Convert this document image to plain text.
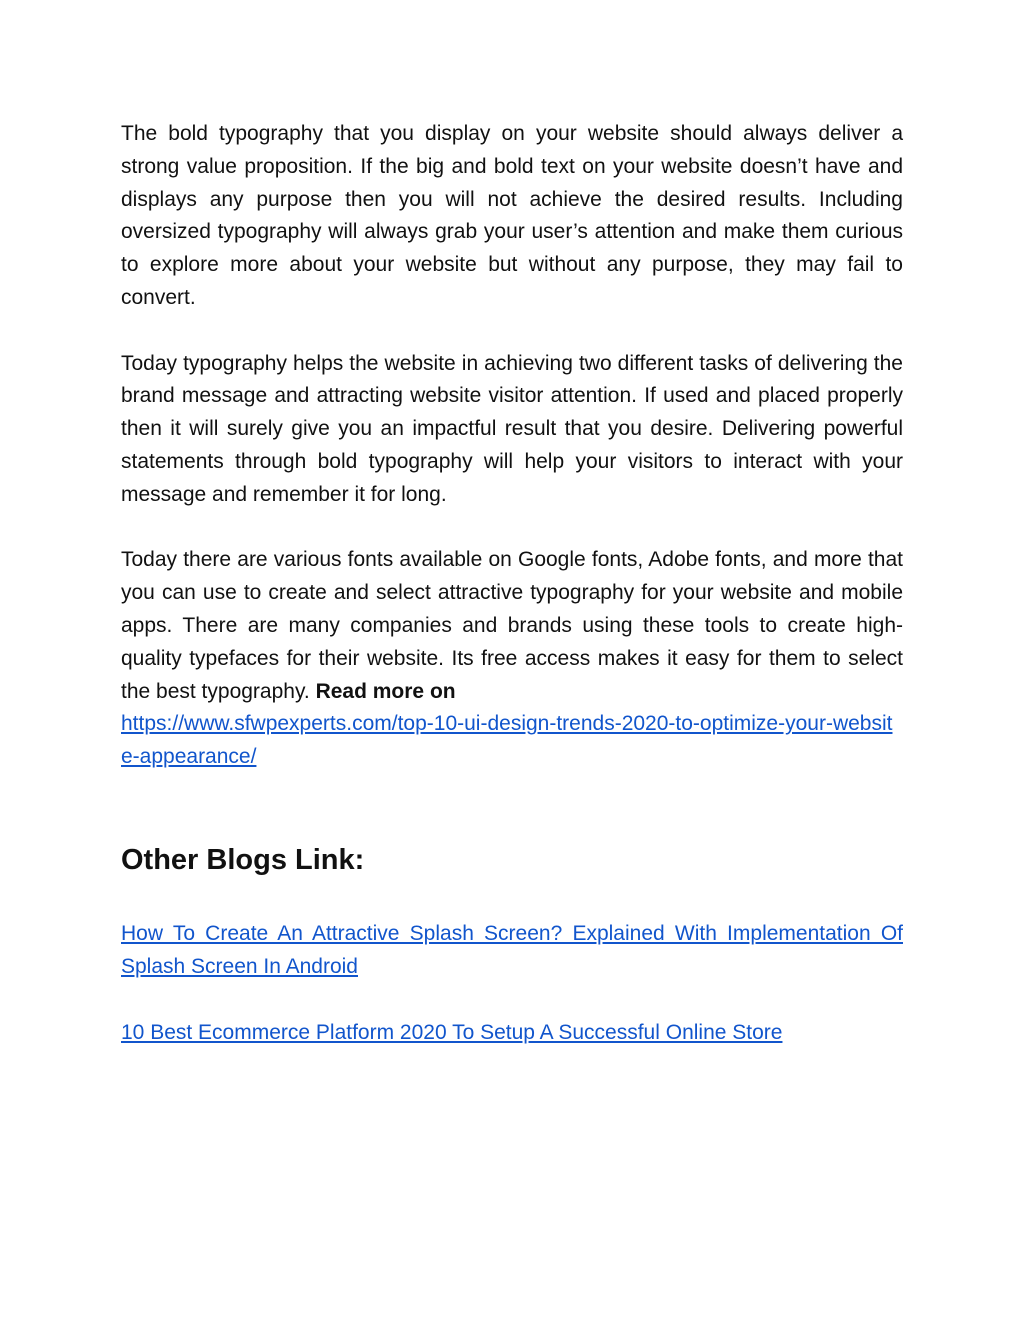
The bold typography that you display on your website should always deliver a strong value proposition. If the big and bold text on your website doesn’t have and displays any purpose then you will not achieve the desired results. Including oversized typography will always grab your user’s attention and make them curious to explore more about your website but without any purpose, they may fail to convert.

Today typography helps the website in achieving two different tasks of delivering the brand message and attracting website visitor attention. If used and placed properly then it will surely give you an impactful result that you desire. Delivering powerful statements through bold typography will help your visitors to interact with your message and remember it for long.

Today there are various fonts available on Google fonts, Adobe fonts, and more that you can use to create and select attractive typography for your website and mobile apps. There are many companies and brands using these tools to create high-quality typefaces for their website. Its free access makes it easy for them to select the best typography. Read more on
https://www.sfwpexperts.com/top-10-ui-design-trends-2020-to-optimize-your-website-appearance/

Other Blogs Link:

How To Create An Attractive Splash Screen? Explained With Implementation Of Splash Screen In Android

10 Best Ecommerce Platform 2020 To Setup A Successful Online Store
